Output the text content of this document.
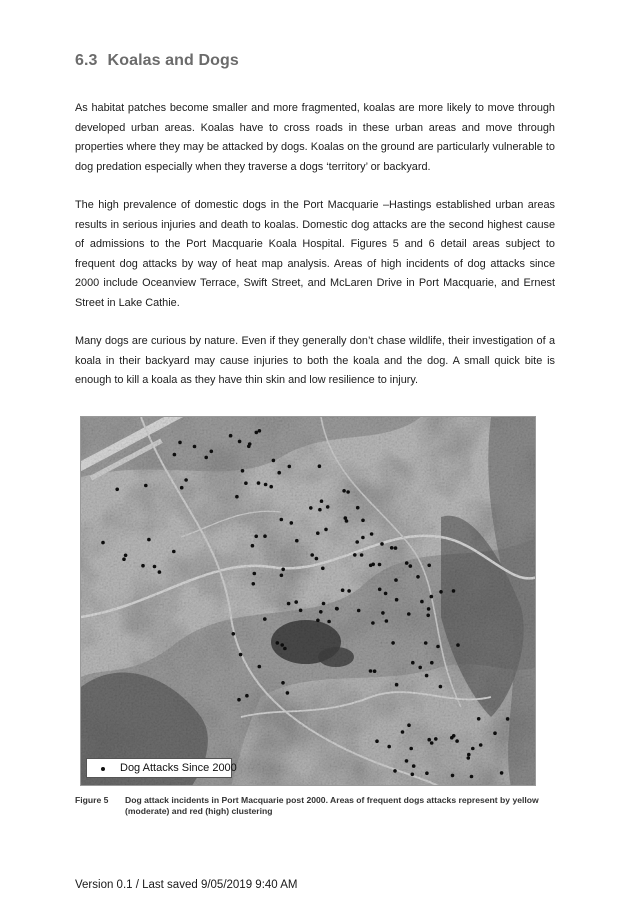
6.3 Koalas and Dogs

As habitat patches become smaller and more fragmented, koalas are more likely to move through developed urban areas. Koalas have to cross roads in these urban areas and move through properties where they may be attacked by dogs. Koalas on the ground are particularly vulnerable to dog predation especially when they traverse a dogs ‘territory’ or backyard.

The high prevalence of domestic dogs in the Port Macquarie –Hastings established urban areas results in serious injuries and death to koalas. Domestic dog attacks are the second highest cause of admissions to the Port Macquarie Koala Hospital. Figures 5 and 6 detail areas subject to frequent dog attacks by way of heat map analysis. Areas of high incidents of dog attacks since 2000 include Oceanview Terrace, Swift Street, and McLaren Drive in Port Macquarie, and Ernest Street in Lake Cathie.

Many dogs are curious by nature. Even if they generally don’t chase wildlife, their investigation of a koala in their backyard may cause injuries to both the koala and the dog. A small quick bite is enough to kill a koala as they have thin skin and low resilience to injury.

Dog Attacks Since 2000
Figure 5 Dog attack incidents in Port Macquarie post 2000. Areas of frequent dogs attacks represent by yellow (moderate) and red (high) clustering

Version 0.1 / Last saved 9/05/2019 9:40 AM
